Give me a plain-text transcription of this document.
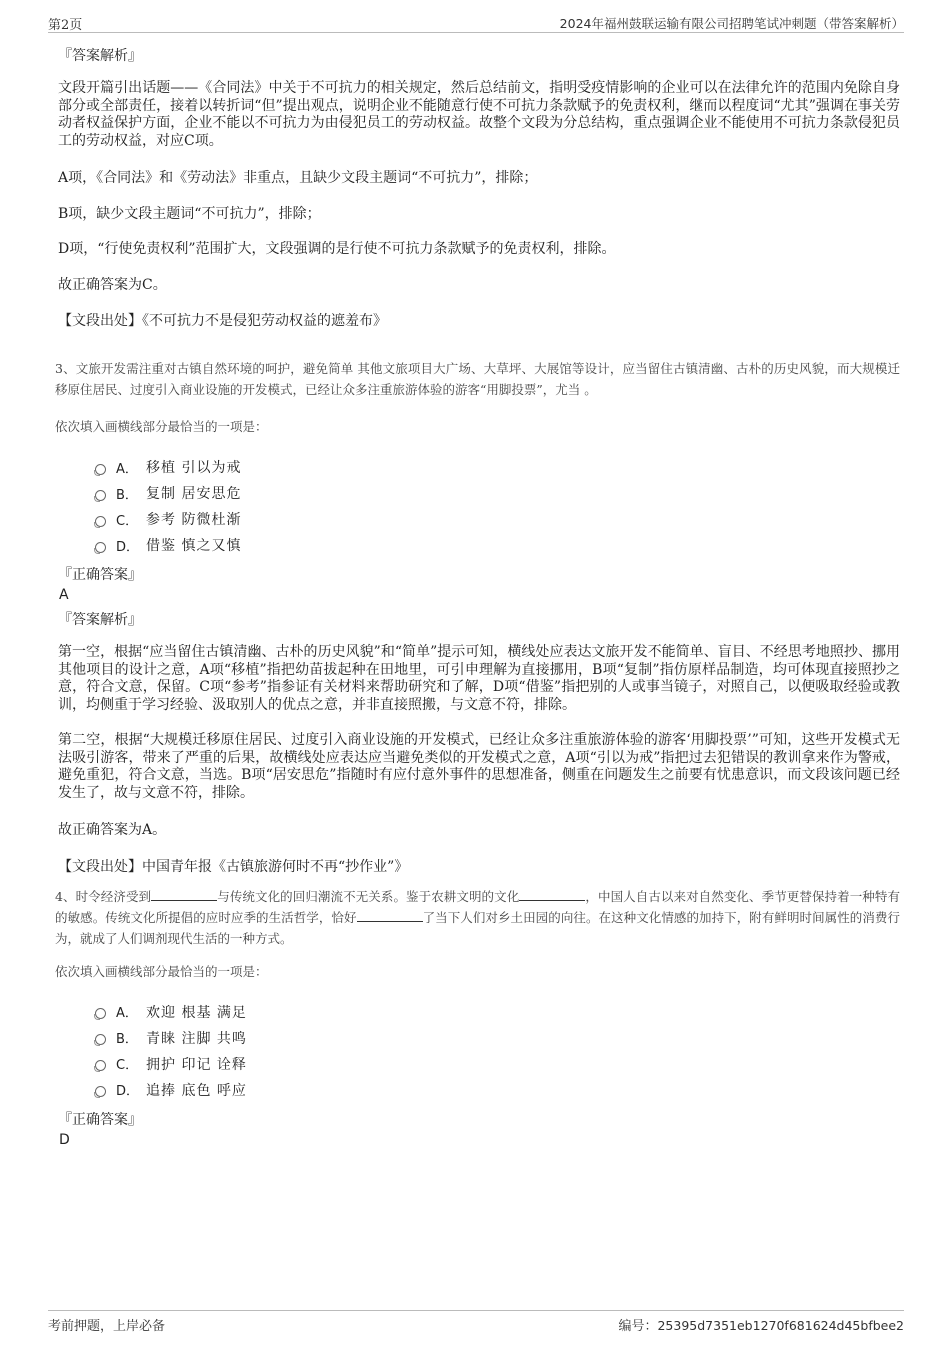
第2页	2024年福州鼓联运输有限公司招聘笔试冲刺题（带答案解析）
『答案解析』
文段开篇引出话题——《合同法》中关于不可抗力的相关规定，然后总结前文，指明受疫情影响的企业可以在法律允许的范围内免除自身部分或全部责任，接着以转折词“但”提出观点，说明企业不能随意行使不可抗力条款赋予的免责权利，继而以程度词“尤其”强调在事关劳动者权益保护方面，企业不能以不可抗力为由侵犯员工的劳动权益。故整个文段为分总结构，重点强调企业不能使用不可抗力条款侵犯员工的劳动权益，对应C项。
A项，《合同法》和《劳动法》非重点，且缺少文段主题词“不可抗力”，排除；
B项，缺少文段主题词“不可抗力”，排除；
D项，“行使免责权利”范围扩大，文段强调的是行使不可抗力条款赋予的免责权利，排除。
故正确答案为C。
【文段出处】《不可抗力不是侵犯劳动权益的遮羞布》
3、文旅开发需注重对古镇自然环境的呵护，避免简单 其他文旅项目大广场、大草坪、大展馆等设计，应当留住古镇清幽、古朴的历史风貌，而大规模迁移原住居民、过度引入商业设施的开发模式，已经让众多注重旅游体验的游客“用脚投票”，尤当 。
依次填入画横线部分最恰当的一项是：
A． 移植 引以为戒
B． 复制 居安思危
C． 参考 防微杜渐
D． 借鉴 慎之又慎
『正确答案』
A
『答案解析』
第一空，根据“应当留住古镇清幽、古朴的历史风貌”和“简单”提示可知，横线处应表达文旅开发不能简单、盲目、不经思考地照抄、挪用其他项目的设计之意，A项“移植”指把幼苗拔起种在田地里，可引申理解为直接挪用，B项“复制”指仿原样品制造，均可体现直接照抄之意，符合文意，保留。C项“参考”指参证有关材料来帮助研究和了解，D项“借鉴”指把别的人或事当镜子，对照自己，以便吸取经验或教训，均侧重于学习经验、汲取别人的优点之意，并非直接照搬，与文意不符，排除。
第二空，根据“大规模迁移原住居民、过度引入商业设施的开发模式，已经让众多注重旅游体验的游客‘用脚投票’”可知，这些开发模式无法吸引游客，带来了严重的后果，故横线处应表达应当避免类似的开发模式之意，A项“引以为戒”指把过去犯错误的教训拿来作为警戒，避免重犯，符合文意，当选。B项“居安思危”指随时有应付意外事件的思想准备，侧重在问题发生之前要有忧患意识，而文段该问题已经发生了，故与文意不符，排除。
故正确答案为A。
【文段出处】中国青年报《古镇旅游何时不再“抄作业”》
4、时令经济受到	与传统文化的回归潮流不无关系。鉴于农耕文明的文化	，中国人自古以来对自然变化、季节更替保持着一种特有的敏感。传统文化所提倡的应时应季的生活哲学，恰好	了当下人们对乡土田园的向往。在这种文化情感的加持下，附有鲜明时间属性的消费行为，就成了人们调剂现代生活的一种方式。
依次填入画横线部分最恰当的一项是：
A． 欢迎 根基 满足
B． 青睐 注脚 共鸣
C． 拥护 印记 诠释
D． 追捧 底色 呼应
『正确答案』
D
考前押题，上岸必备	编号：25395d7351eb1270f681624d45bfbee2
